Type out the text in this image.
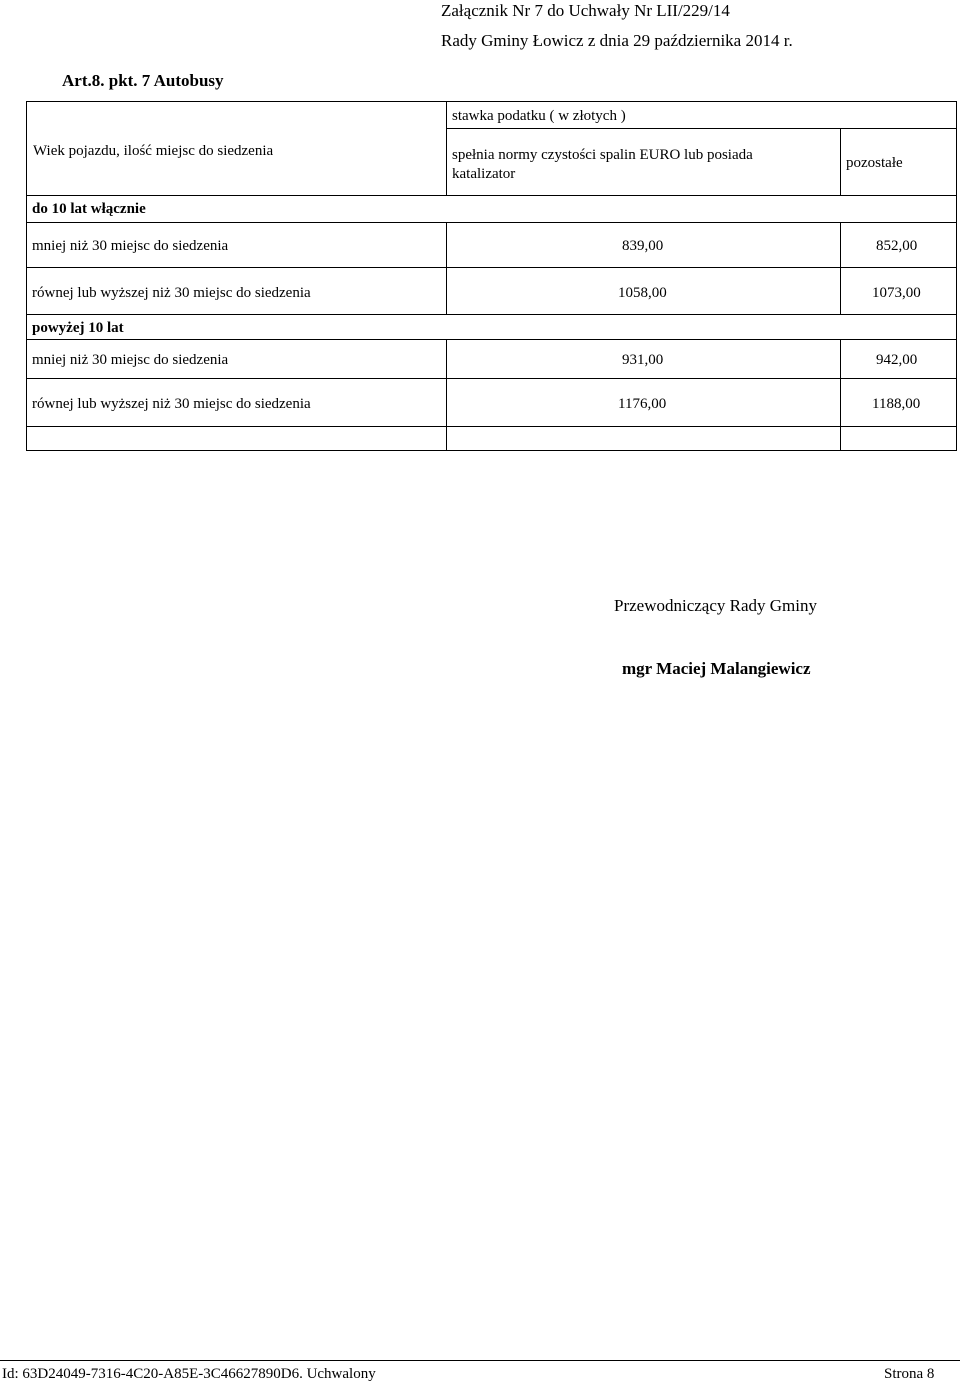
Załącznik Nr 7 do Uchwały Nr LII/229/14
Rady Gminy Łowicz z dnia 29 października 2014 r.
Art.8. pkt. 7 Autobusy
Wiek pojazdu, ilość miejsc do siedzenia
stawka podatku ( w złotych )
spełnia normy czystości spalin EURO lub posiada katalizator
pozostałe
do 10 lat włącznie
mniej niż 30 miejsc do siedzenia	839,00	852,00
równej lub wyższej niż 30 miejsc do siedzenia	1058,00	1073,00
powyżej 10 lat
mniej niż 30 miejsc do siedzenia	931,00	942,00
równej lub wyższej niż 30 miejsc do siedzenia	1176,00	1188,00
Przewodniczący Rady Gminy
mgr Maciej Malangiewicz
Id: 63D24049-7316-4C20-A85E-3C46627890D6. Uchwalony	Strona 8
